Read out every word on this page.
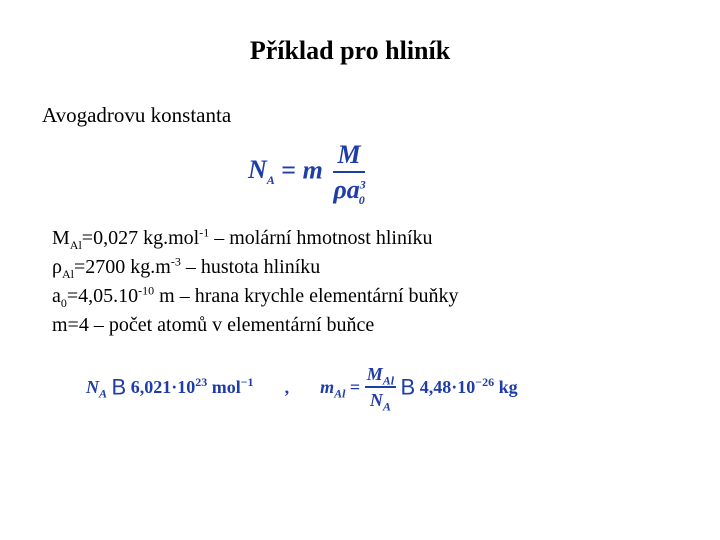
Příklad pro hliník
Avogadrovu konstanta
$N_A = m \frac{M}{\rho a^3_0}$
$M_{Al}=0,027$ kg.mol$^{-1}$ – molární hmotnost hliníku
$\rho_{Al}=2700$ $kg.m^{-3}$ – hustota hliníku
$a_0=4,05.10^{-10}$ m – hrana krychle elementární buňky
m=4 – počet atomů v elementární buňce
$N_A$ B $6,021\cdot 10^{23}$ mol$^{-1}$ , $m_{Al} = \frac{M_{Al}}{N_A}$ B $4,48\cdot 10^{-26}$ kg
